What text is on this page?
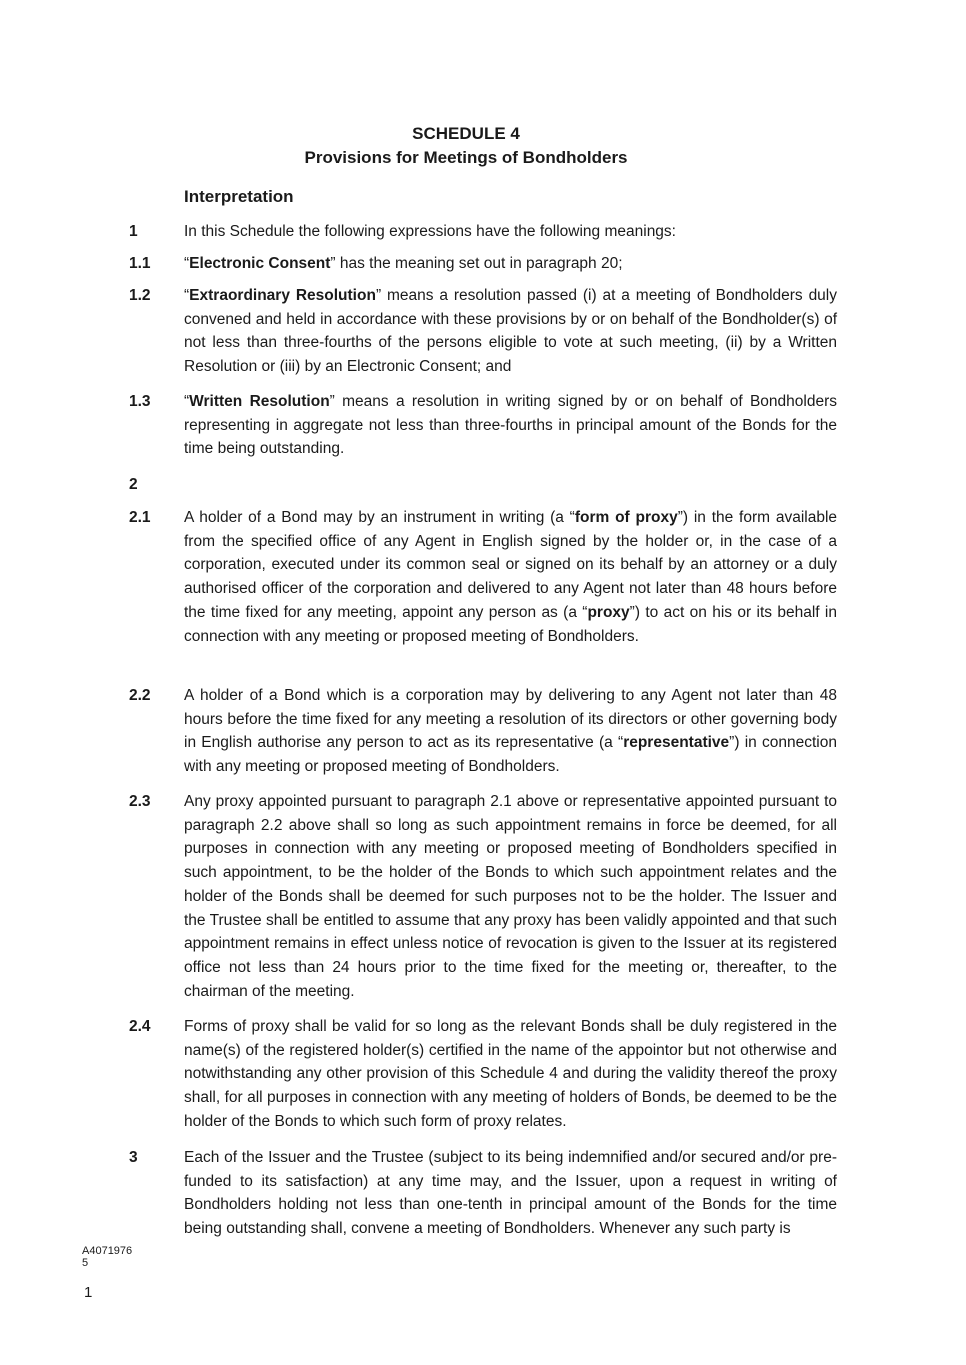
SCHEDULE 4
Provisions for Meetings of Bondholders
Interpretation
1	In this Schedule the following expressions have the following meanings:

1.1 “Electronic Consent” has the meaning set out in paragraph 20;

1.2 “Extraordinary Resolution” means a resolution passed (i) at a meeting of Bondholders duly convened and held in accordance with these provisions by or on behalf of the Bondholder(s) of not less than three-fourths of the persons eligible to vote at such meeting, (ii) by a Written Resolution or (iii) by an Electronic Consent; and

1.3 “Written Resolution” means a resolution in writing signed by or on behalf of Bondholders representing in aggregate not less than three-fourths in principal amount of the Bonds for the time being outstanding.

2
2.1 A holder of a Bond may by an instrument in writing (a “form of proxy”) in the form available from the specified office of any Agent in English signed by the holder or, in the case of a corporation, executed under its common seal or signed on its behalf by an attorney or a duly authorised officer of the corporation and delivered to any Agent not later than 48 hours before the time fixed for any meeting, appoint any person as (a “proxy”) to act on his or its behalf in connection with any meeting or proposed meeting of Bondholders.

2.2 A holder of a Bond which is a corporation may by delivering to any Agent not later than 48 hours before the time fixed for any meeting a resolution of its directors or other governing body in English authorise any person to act as its representative (a “representative”) in connection with any meeting or proposed meeting of Bondholders.

2.3 Any proxy appointed pursuant to paragraph 2.1 above or representative appointed pursuant to paragraph 2.2 above shall so long as such appointment remains in force be deemed, for all purposes in connection with any meeting or proposed meeting of Bondholders specified in such appointment, to be the holder of the Bonds to which such appointment relates and the holder of the Bonds shall be deemed for such purposes not to be the holder. The Issuer and the Trustee shall be entitled to assume that any proxy has been validly appointed and that such appointment remains in effect unless notice of revocation is given to the Issuer at its registered office not less than 24 hours prior to the time fixed for the meeting or, thereafter, to the chairman of the meeting.

2.4 Forms of proxy shall be valid for so long as the relevant Bonds shall be duly registered in the name(s) of the registered holder(s) certified in the name of the appointor but not otherwise and notwithstanding any other provision of this Schedule 4 and during the validity thereof the proxy shall, for all purposes in connection with any meeting of holders of Bonds, be deemed to be the holder of the Bonds to which such form of proxy relates.

3	Each of the Issuer and the Trustee (subject to its being indemnified and/or secured and/or pre-funded to its satisfaction) at any time may, and the Issuer, upon a request in writing of Bondholders holding not less than one-tenth in principal amount of the Bonds for the time being outstanding shall, convene a meeting of Bondholders. Whenever any such party is

A4071976
5
1
